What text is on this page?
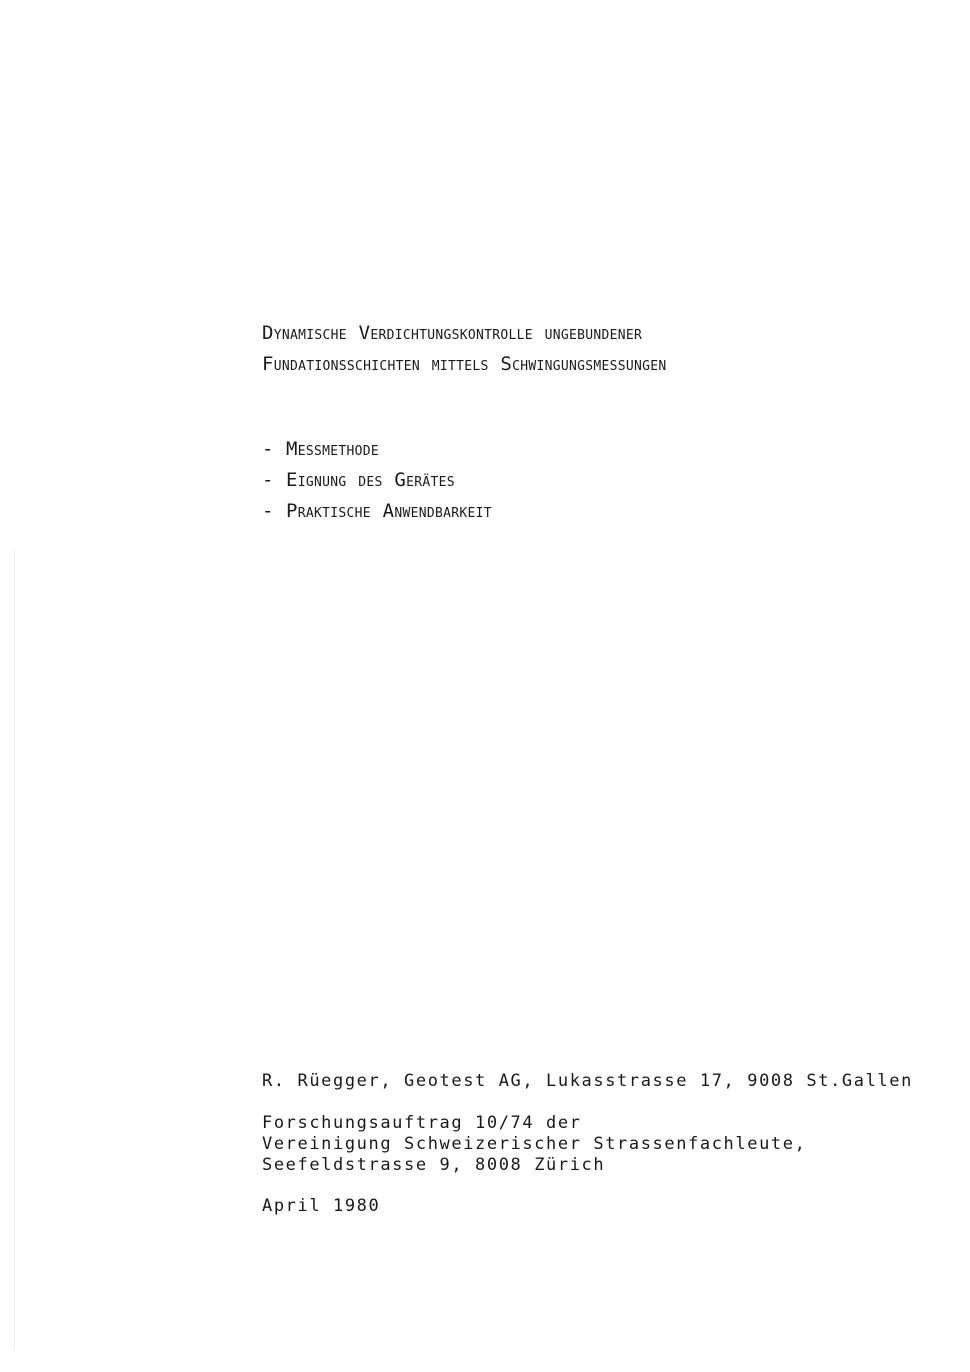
Dynamische Verdichtungskontrolle ungebundener
Fundationsschichten mittels Schwingungsmessungen
- Messmethode
- Eignung des Gerätes
- Praktische Anwendbarkeit
R. Rüegger, Geotest AG, Lukasstrasse 17, 9008 St.Gallen
Forschungsauftrag 10/74 der
Vereinigung Schweizerischer Strassenfachleute,
Seefeldstrasse 9, 8008 Zürich
April 1980
